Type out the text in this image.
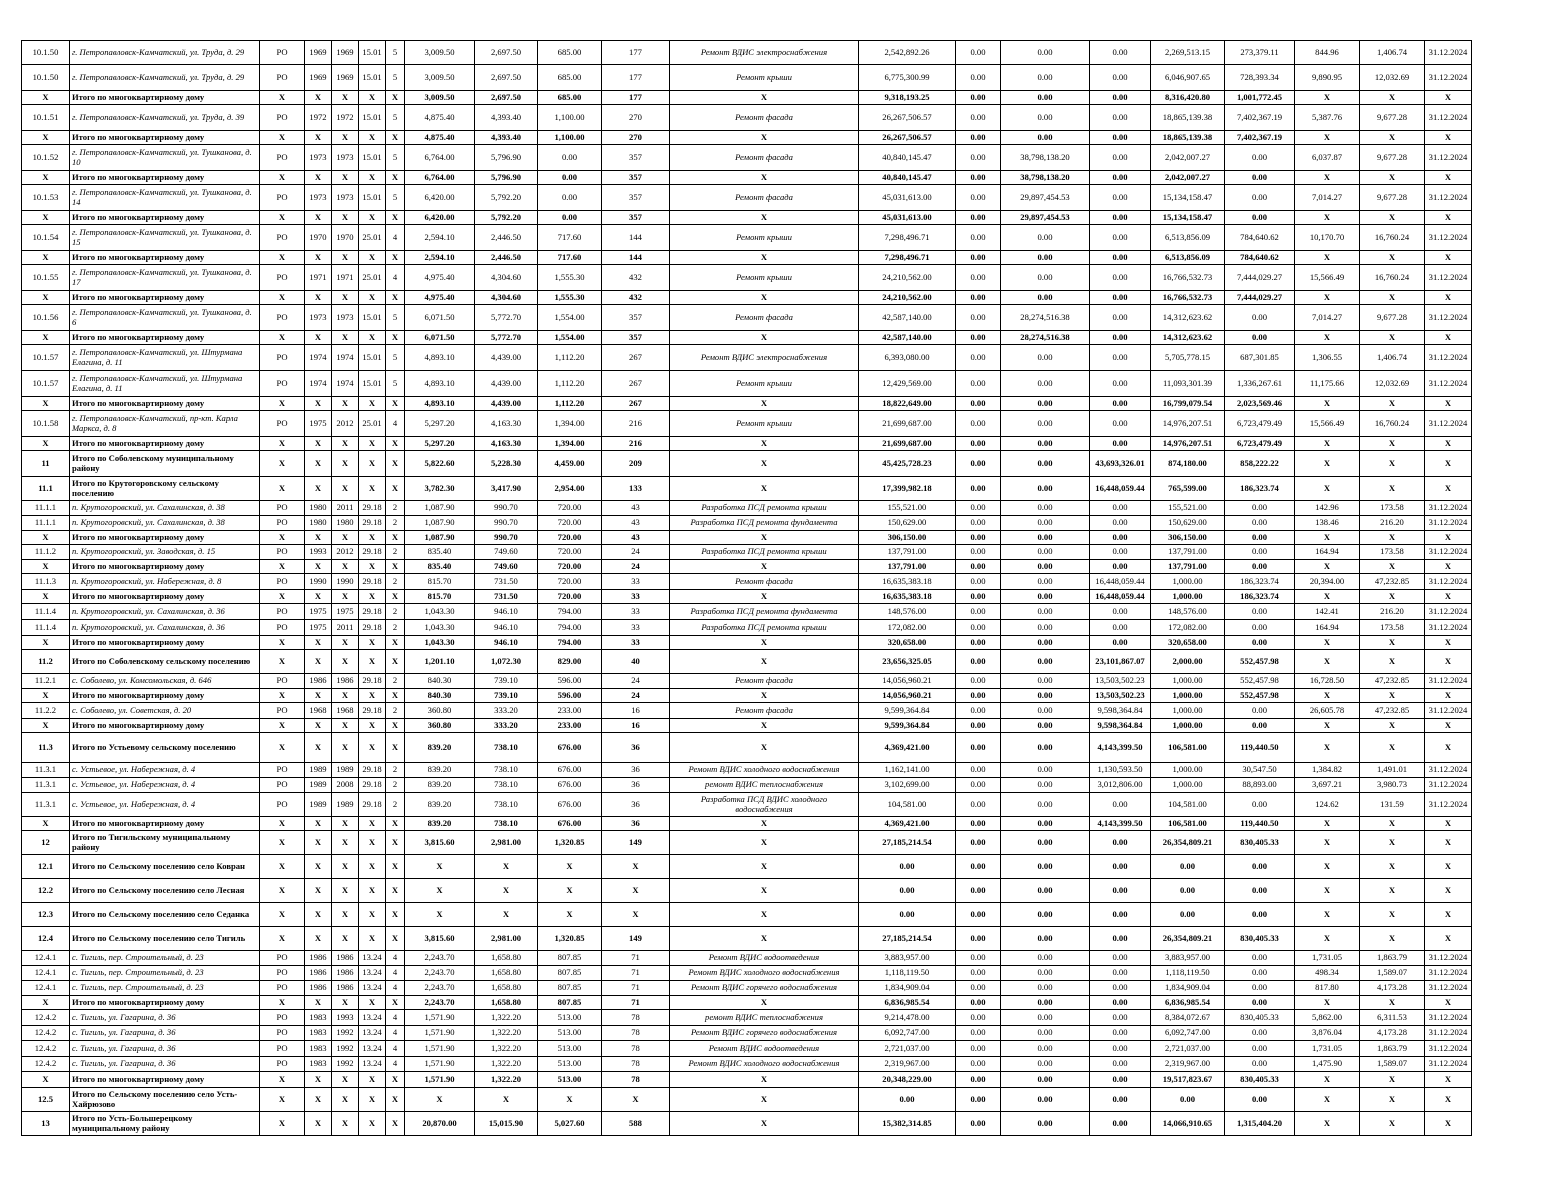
10.1.50	г. Петропавловск-Камчатский, ул. Труда, д. 29	РО	1969	1969	15.01	5	3,009.50	2,697.50	685.00	177	Ремонт ВДИС электроснабжения	2,542,892.26	0.00	0.00	0.00	2,269,513.15	273,379.11	844.96	1,406.74	31.12.2024
10.1.50	г. Петропавловск-Камчатский, ул. Труда, д. 29	РО	1969	1969	15.01	5	3,009.50	2,697.50	685.00	177	Ремонт крыши	6,775,300.99	0.00	0.00	0.00	6,046,907.65	728,393.34	9,890.95	12,032.69	31.12.2024
X	Итого по многоквартирному дому	X	X	X	X	X	3,009.50	2,697.50	685.00	177	X	9,318,193.25	0.00	0.00	0.00	8,316,420.80	1,001,772.45	X	X	X
10.1.51	г. Петропавловск-Камчатский, ул. Труда, д. 39	РО	1972	1972	15.01	5	4,875.40	4,393.40	1,100.00	270	Ремонт фасада	26,267,506.57	0.00	0.00	0.00	18,865,139.38	7,402,367.19	5,387.76	9,677.28	31.12.2024
X	Итого по многоквартирному дому	X	X	X	X	X	4,875.40	4,393.40	1,100.00	270	X	26,267,506.57	0.00	0.00	0.00	18,865,139.38	7,402,367.19	X	X	X
10.1.52	г. Петропавловск-Камчатский, ул. Тушканова, д. 10	РО	1973	1973	15.01	5	6,764.00	5,796.90	0.00	357	Ремонт фасада	40,840,145.47	0.00	38,798,138.20	0.00	2,042,007.27	0.00	6,037.87	9,677.28	31.12.2024
X	Итого по многоквартирному дому	X	X	X	X	X	6,764.00	5,796.90	0.00	357	X	40,840,145.47	0.00	38,798,138.20	0.00	2,042,007.27	0.00	X	X	X
10.1.53	г. Петропавловск-Камчатский, ул. Тушканова, д. 14	РО	1973	1973	15.01	5	6,420.00	5,792.20	0.00	357	Ремонт фасада	45,031,613.00	0.00	29,897,454.53	0.00	15,134,158.47	0.00	7,014.27	9,677.28	31.12.2024
X	Итого по многоквартирному дому	X	X	X	X	X	6,420.00	5,792.20	0.00	357	X	45,031,613.00	0.00	29,897,454.53	0.00	15,134,158.47	0.00	X	X	X
10.1.54	г. Петропавловск-Камчатский, ул. Тушканова, д. 15	РО	1970	1970	25.01	4	2,594.10	2,446.50	717.60	144	Ремонт крыши	7,298,496.71	0.00	0.00	0.00	6,513,856.09	784,640.62	10,170.70	16,760.24	31.12.2024
X	Итого по многоквартирному дому	X	X	X	X	X	2,594.10	2,446.50	717.60	144	X	7,298,496.71	0.00	0.00	0.00	6,513,856.09	784,640.62	X	X	X
10.1.55	г. Петропавловск-Камчатский, ул. Тушканова, д. 17	РО	1971	1971	25.01	4	4,975.40	4,304.60	1,555.30	432	Ремонт крыши	24,210,562.00	0.00	0.00	0.00	16,766,532.73	7,444,029.27	15,566.49	16,760.24	31.12.2024
X	Итого по многоквартирному дому	X	X	X	X	X	4,975.40	4,304.60	1,555.30	432	X	24,210,562.00	0.00	0.00	0.00	16,766,532.73	7,444,029.27	X	X	X
10.1.56	г. Петропавловск-Камчатский, ул. Тушканова, д. 6	РО	1973	1973	15.01	5	6,071.50	5,772.70	1,554.00	357	Ремонт фасада	42,587,140.00	0.00	28,274,516.38	0.00	14,312,623.62	0.00	7,014.27	9,677.28	31.12.2024
X	Итого по многоквартирному дому	X	X	X	X	X	6,071.50	5,772.70	1,554.00	357	X	42,587,140.00	0.00	28,274,516.38	0.00	14,312,623.62	0.00	X	X	X
10.1.57	г. Петропавловск-Камчатский, ул. Штурмана Елагина, д. 11	РО	1974	1974	15.01	5	4,893.10	4,439.00	1,112.20	267	Ремонт ВДИС электроснабжения	6,393,080.00	0.00	0.00	0.00	5,705,778.15	687,301.85	1,306.55	1,406.74	31.12.2024
10.1.57	г. Петропавловск-Камчатский, ул. Штурмана Елагина, д. 11	РО	1974	1974	15.01	5	4,893.10	4,439.00	1,112.20	267	Ремонт крыши	12,429,569.00	0.00	0.00	0.00	11,093,301.39	1,336,267.61	11,175.66	12,032.69	31.12.2024
X	Итого по многоквартирному дому	X	X	X	X	X	4,893.10	4,439.00	1,112.20	267	X	18,822,649.00	0.00	0.00	0.00	16,799,079.54	2,023,569.46	X	X	X
10.1.58	г. Петропавловск-Камчатский, пр-кт. Карла Маркса, д. 8	РО	1975	2012	25.01	4	5,297.20	4,163.30	1,394.00	216	Ремонт крыши	21,699,687.00	0.00	0.00	0.00	14,976,207.51	6,723,479.49	15,566.49	16,760.24	31.12.2024
X	Итого по многоквартирному дому	X	X	X	X	X	5,297.20	4,163.30	1,394.00	216	X	21,699,687.00	0.00	0.00	0.00	14,976,207.51	6,723,479.49	X	X	X
11	Итого по Соболевскому муниципальному району	X	X	X	X	X	5,822.60	5,228.30	4,459.00	209	X	45,425,728.23	0.00	0.00	43,693,326.01	874,180.00	858,222.22	X	X	X
11.1	Итого по Крутогоровскому сельскому поселению	X	X	X	X	X	3,782.30	3,417.90	2,954.00	133	X	17,399,982.18	0.00	0.00	16,448,059.44	765,599.00	186,323.74	X	X	X
11.1.1	п. Крутогоровский, ул. Сахалинская, д. 38	РО	1980	2011	29.18	2	1,087.90	990.70	720.00	43	Разработка ПСД ремонта крыши	155,521.00	0.00	0.00	0.00	155,521.00	0.00	142.96	173.58	31.12.2024
11.1.1	п. Крутогоровский, ул. Сахалинская, д. 38	РО	1980	1980	29.18	2	1,087.90	990.70	720.00	43	Разработка ПСД ремонта фундамента	150,629.00	0.00	0.00	0.00	150,629.00	0.00	138.46	216.20	31.12.2024
X	Итого по многоквартирному дому	X	X	X	X	X	1,087.90	990.70	720.00	43	X	306,150.00	0.00	0.00	0.00	306,150.00	0.00	X	X	X
11.1.2	п. Крутогоровский, ул. Заводская, д. 15	РО	1993	2012	29.18	2	835.40	749.60	720.00	24	Разработка ПСД ремонта крыши	137,791.00	0.00	0.00	0.00	137,791.00	0.00	164.94	173.58	31.12.2024
X	Итого по многоквартирному дому	X	X	X	X	X	835.40	749.60	720.00	24	X	137,791.00	0.00	0.00	0.00	137,791.00	0.00	X	X	X
11.1.3	п. Крутогоровский, ул. Набережная, д. 8	РО	1990	1990	29.18	2	815.70	731.50	720.00	33	Ремонт фасада	16,635,383.18	0.00	0.00	16,448,059.44	1,000.00	186,323.74	20,394.00	47,232.85	31.12.2024
X	Итого по многоквартирному дому	X	X	X	X	X	815.70	731.50	720.00	33	X	16,635,383.18	0.00	0.00	16,448,059.44	1,000.00	186,323.74	X	X	X
11.1.4	п. Крутогоровский, ул. Сахалинская, д. 36	РО	1975	1975	29.18	2	1,043.30	946.10	794.00	33	Разработка ПСД ремонта фундамента	148,576.00	0.00	0.00	0.00	148,576.00	0.00	142.41	216.20	31.12.2024
11.1.4	п. Крутогоровский, ул. Сахалинская, д. 36	РО	1975	2011	29.18	2	1,043.30	946.10	794.00	33	Разработка ПСД ремонта крыши	172,082.00	0.00	0.00	0.00	172,082.00	0.00	164.94	173.58	31.12.2024
X	Итого по многоквартирному дому	X	X	X	X	X	1,043.30	946.10	794.00	33	X	320,658.00	0.00	0.00	0.00	320,658.00	0.00	X	X	X
11.2	Итого по Соболевскому сельскому поселению	X	X	X	X	X	1,201.10	1,072.30	829.00	40	X	23,656,325.05	0.00	0.00	23,101,867.07	2,000.00	552,457.98	X	X	X
11.2.1	с. Соболево, ул. Комсомольская, д. 646	РО	1986	1986	29.18	2	840.30	739.10	596.00	24	Ремонт фасада	14,056,960.21	0.00	0.00	13,503,502.23	1,000.00	552,457.98	16,728.50	47,232.85	31.12.2024
X	Итого по многоквартирному дому	X	X	X	X	X	840.30	739.10	596.00	24	X	14,056,960.21	0.00	0.00	13,503,502.23	1,000.00	552,457.98	X	X	X
11.2.2	с. Соболево, ул. Советская, д. 20	РО	1968	1968	29.18	2	360.80	333.20	233.00	16	Ремонт фасада	9,599,364.84	0.00	0.00	9,598,364.84	1,000.00	0.00	26,605.78	47,232.85	31.12.2024
X	Итого по многоквартирному дому	X	X	X	X	X	360.80	333.20	233.00	16	X	9,599,364.84	0.00	0.00	9,598,364.84	1,000.00	0.00	X	X	X
11.3	Итого по Устьевому сельскому поселению	X	X	X	X	X	839.20	738.10	676.00	36	X	4,369,421.00	0.00	0.00	4,143,399.50	106,581.00	119,440.50	X	X	X
11.3.1	с. Устьевое, ул. Набережная, д. 4	РО	1989	1989	29.18	2	839.20	738.10	676.00	36	Ремонт ВДИС холодного водоснабжения	1,162,141.00	0.00	0.00	1,130,593.50	1,000.00	30,547.50	1,384.82	1,491.01	31.12.2024
11.3.1	с. Устьевое, ул. Набережная, д. 4	РО	1989	2008	29.18	2	839.20	738.10	676.00	36	ремонт ВДИС теплоснабжения	3,102,699.00	0.00	0.00	3,012,806.00	1,000.00	88,893.00	3,697.21	3,980.73	31.12.2024
11.3.1	с. Устьевое, ул. Набережная, д. 4	РО	1989	1989	29.18	2	839.20	738.10	676.00	36	Разработка ПСД ВДИС холодного водоснабжения	104,581.00	0.00	0.00	0.00	104,581.00	0.00	124.62	131.59	31.12.2024
X	Итого по многоквартирному дому	X	X	X	X	X	839.20	738.10	676.00	36	X	4,369,421.00	0.00	0.00	4,143,399.50	106,581.00	119,440.50	X	X	X
12	Итого по Тигильскому муниципальному району	X	X	X	X	X	3,815.60	2,981.00	1,320.85	149	X	27,185,214.54	0.00	0.00	0.00	26,354,809.21	830,405.33	X	X	X
12.1	Итого по Сельскому поселению село Ковран	X	X	X	X	X	X	X	X	X	X	0.00	0.00	0.00	0.00	0.00	0.00	X	X	X
12.2	Итого по Сельскому поселению село Лесная	X	X	X	X	X	X	X	X	X	X	0.00	0.00	0.00	0.00	0.00	0.00	X	X	X
12.3	Итого по Сельскому поселению село Седанка	X	X	X	X	X	X	X	X	X	X	0.00	0.00	0.00	0.00	0.00	0.00	X	X	X
12.4	Итого по Сельскому поселению село Тигиль	X	X	X	X	X	3,815.60	2,981.00	1,320.85	149	X	27,185,214.54	0.00	0.00	0.00	26,354,809.21	830,405.33	X	X	X
12.4.1	с. Тигиль, пер. Строительный, д. 23	РО	1986	1986	13.24	4	2,243.70	1,658.80	807.85	71	Ремонт ВДИС водоотведения	3,883,957.00	0.00	0.00	0.00	3,883,957.00	0.00	1,731.05	1,863.79	31.12.2024
12.4.1	с. Тигиль, пер. Строительный, д. 23	РО	1986	1986	13.24	4	2,243.70	1,658.80	807.85	71	Ремонт ВДИС холодного водоснабжения	1,118,119.50	0.00	0.00	0.00	1,118,119.50	0.00	498.34	1,589.07	31.12.2024
12.4.1	с. Тигиль, пер. Строительный, д. 23	РО	1986	1986	13.24	4	2,243.70	1,658.80	807.85	71	Ремонт ВДИС горячего водоснабжения	1,834,909.04	0.00	0.00	0.00	1,834,909.04	0.00	817.80	4,173.28	31.12.2024
X	Итого по многоквартирному дому	X	X	X	X	X	2,243.70	1,658.80	807.85	71	X	6,836,985.54	0.00	0.00	0.00	6,836,985.54	0.00	X	X	X
12.4.2	с. Тигиль, ул. Гагарина, д. 36	РО	1983	1993	13.24	4	1,571.90	1,322.20	513.00	78	ремонт ВДИС теплоснабжения	9,214,478.00	0.00	0.00	0.00	8,384,072.67	830,405.33	5,862.00	6,311.53	31.12.2024
12.4.2	с. Тигиль, ул. Гагарина, д. 36	РО	1983	1992	13.24	4	1,571.90	1,322.20	513.00	78	Ремонт ВДИС горячего водоснабжения	6,092,747.00	0.00	0.00	0.00	6,092,747.00	0.00	3,876.04	4,173.28	31.12.2024
12.4.2	с. Тигиль, ул. Гагарина, д. 36	РО	1983	1992	13.24	4	1,571.90	1,322.20	513.00	78	Ремонт ВДИС водоотведения	2,721,037.00	0.00	0.00	0.00	2,721,037.00	0.00	1,731.05	1,863.79	31.12.2024
12.4.2	с. Тигиль, ул. Гагарина, д. 36	РО	1983	1992	13.24	4	1,571.90	1,322.20	513.00	78	Ремонт ВДИС холодного водоснабжения	2,319,967.00	0.00	0.00	0.00	2,319,967.00	0.00	1,475.90	1,589.07	31.12.2024
X	Итого по многоквартирному дому	X	X	X	X	X	1,571.90	1,322.20	513.00	78	X	20,348,229.00	0.00	0.00	0.00	19,517,823.67	830,405.33	X	X	X
12.5	Итого по Сельскому поселению село Усть-Хайрюзово	X	X	X	X	X	X	X	X	X	X	0.00	0.00	0.00	0.00	0.00	0.00	X	X	X
13	Итого по Усть-Большерецкому муниципальному району	X	X	X	X	X	20,870.00	15,015.90	5,027.60	588	X	15,382,314.85	0.00	0.00	0.00	14,066,910.65	1,315,404.20	X	X	X
